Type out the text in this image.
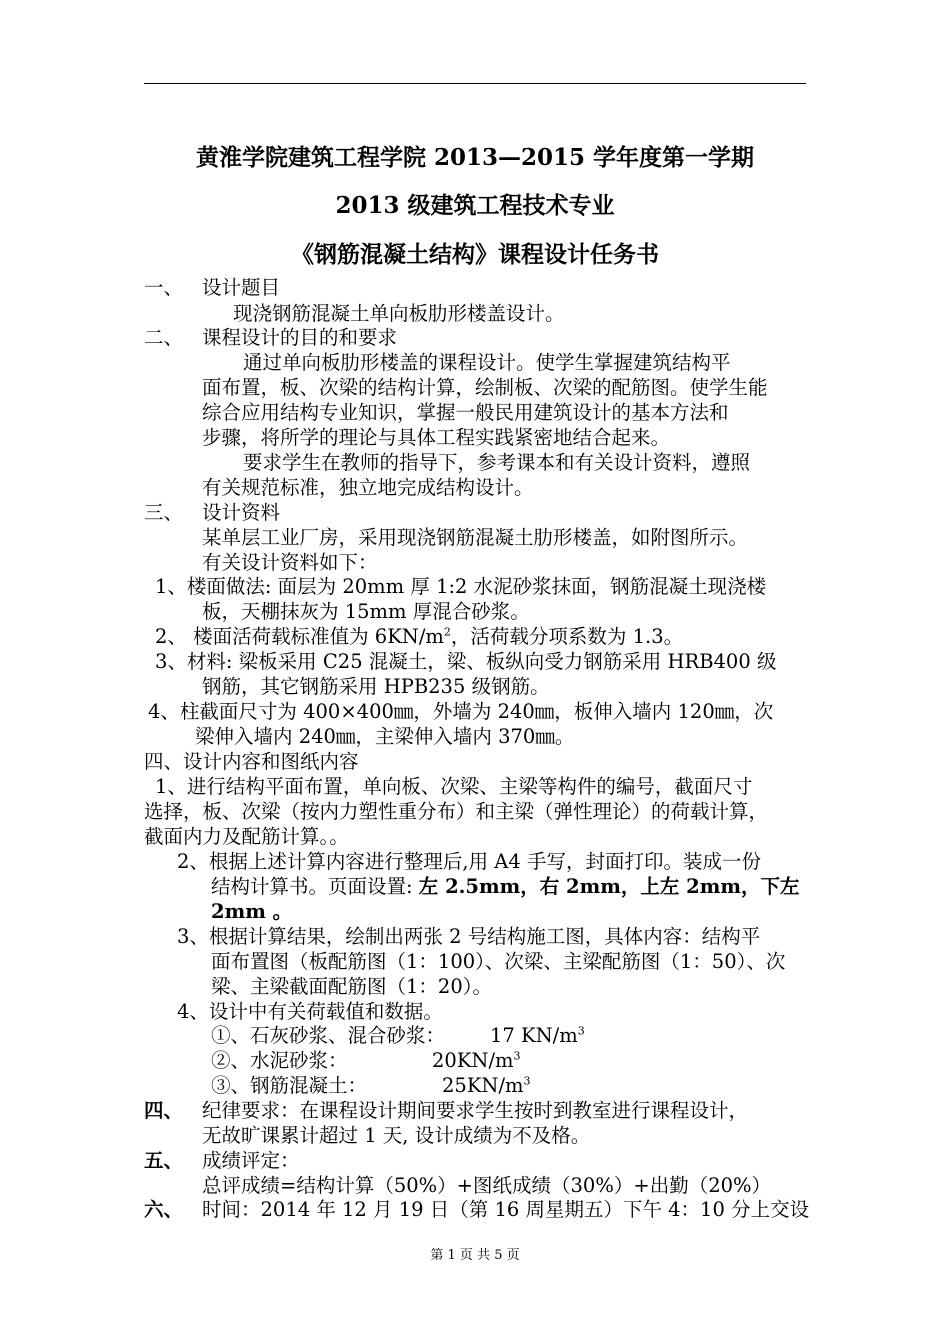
黄淮学院建筑工程学院 2013—2015 学年度第一学期
2013 级建筑工程技术专业
《钢筋混凝土结构》课程设计任务书
一、 设计题目
现浇钢筋混凝土单向板肋形楼盖设计。
二、 课程设计的目的和要求
通过单向板肋形楼盖的课程设计。使学生掌握建筑结构平
面布置，板、次梁的结构计算，绘制板、次梁的配筋图。使学生能
综合应用结构专业知识，掌握一般民用建筑设计的基本方法和
步骤，将所学的理论与具体工程实践紧密地结合起来。
要求学生在教师的指导下，参考课本和有关设计资料，遵照
有关规范标准，独立地完成结构设计。
三、 设计资料
某单层工业厂房，采用现浇钢筋混凝土肋形楼盖，如附图所示。
有关设计资料如下：
1、楼面做法: 面层为 20mm 厚 1:2 水泥砂浆抹面，钢筋混凝土现浇楼
板，天棚抹灰为 15mm 厚混合砂浆。
2、 楼面活荷载标准值为 $6KN/m^2$，活荷载分项系数为 1.3。
3、材料: 梁板采用 C25 混凝土，梁、板纵向受力钢筋采用 HRB400 级
钢筋，其它钢筋采用 HPB235 级钢筋。
4、柱截面尺寸为 400×400㎜，外墙为 240㎜，板伸入墙内 120㎜，次
梁伸入墙内 240㎜，主梁伸入墙内 370㎜。
四、设计内容和图纸内容
1、进行结构平面布置，单向板、次梁、主梁等构件的编号，截面尺寸
选择，板、次梁（按内力塑性重分布）和主梁（弹性理论）的荷载计算，
截面内力及配筋计算。。
2、根据上述计算内容进行整理后,用 A4 手写，封面打印。装成一份
结构计算书。页面设置: 左 2.5mm，右 2mm，上左 2mm，下左
2mm 。
3、根据计算结果，绘制出两张 2 号结构施工图，具体内容：结构平
面布置图（板配筋图（1：100）、次梁、主梁配筋图（1：50）、次
梁、主梁截面配筋图（1：20）。
4、设计中有关荷载值和数据。
①、石灰砂浆、混合砂浆： 17 $KN/m^3$
②、水泥砂浆：	$20KN/m^3$
③、钢筋混凝土：	$25KN/m^3$
四、 纪律要求：在课程设计期间要求学生按时到教室进行课程设计，
无故旷课累计超过 1 天, 设计成绩为不及格。
五、 成绩评定：
总评成绩=结构计算（50%）+图纸成绩（30%）+出勤（20%）
六、 时间：2014 年 12 月 19 日（第 16 周星期五）下午 4：10 分上交设
第 1 页 共 5 页
